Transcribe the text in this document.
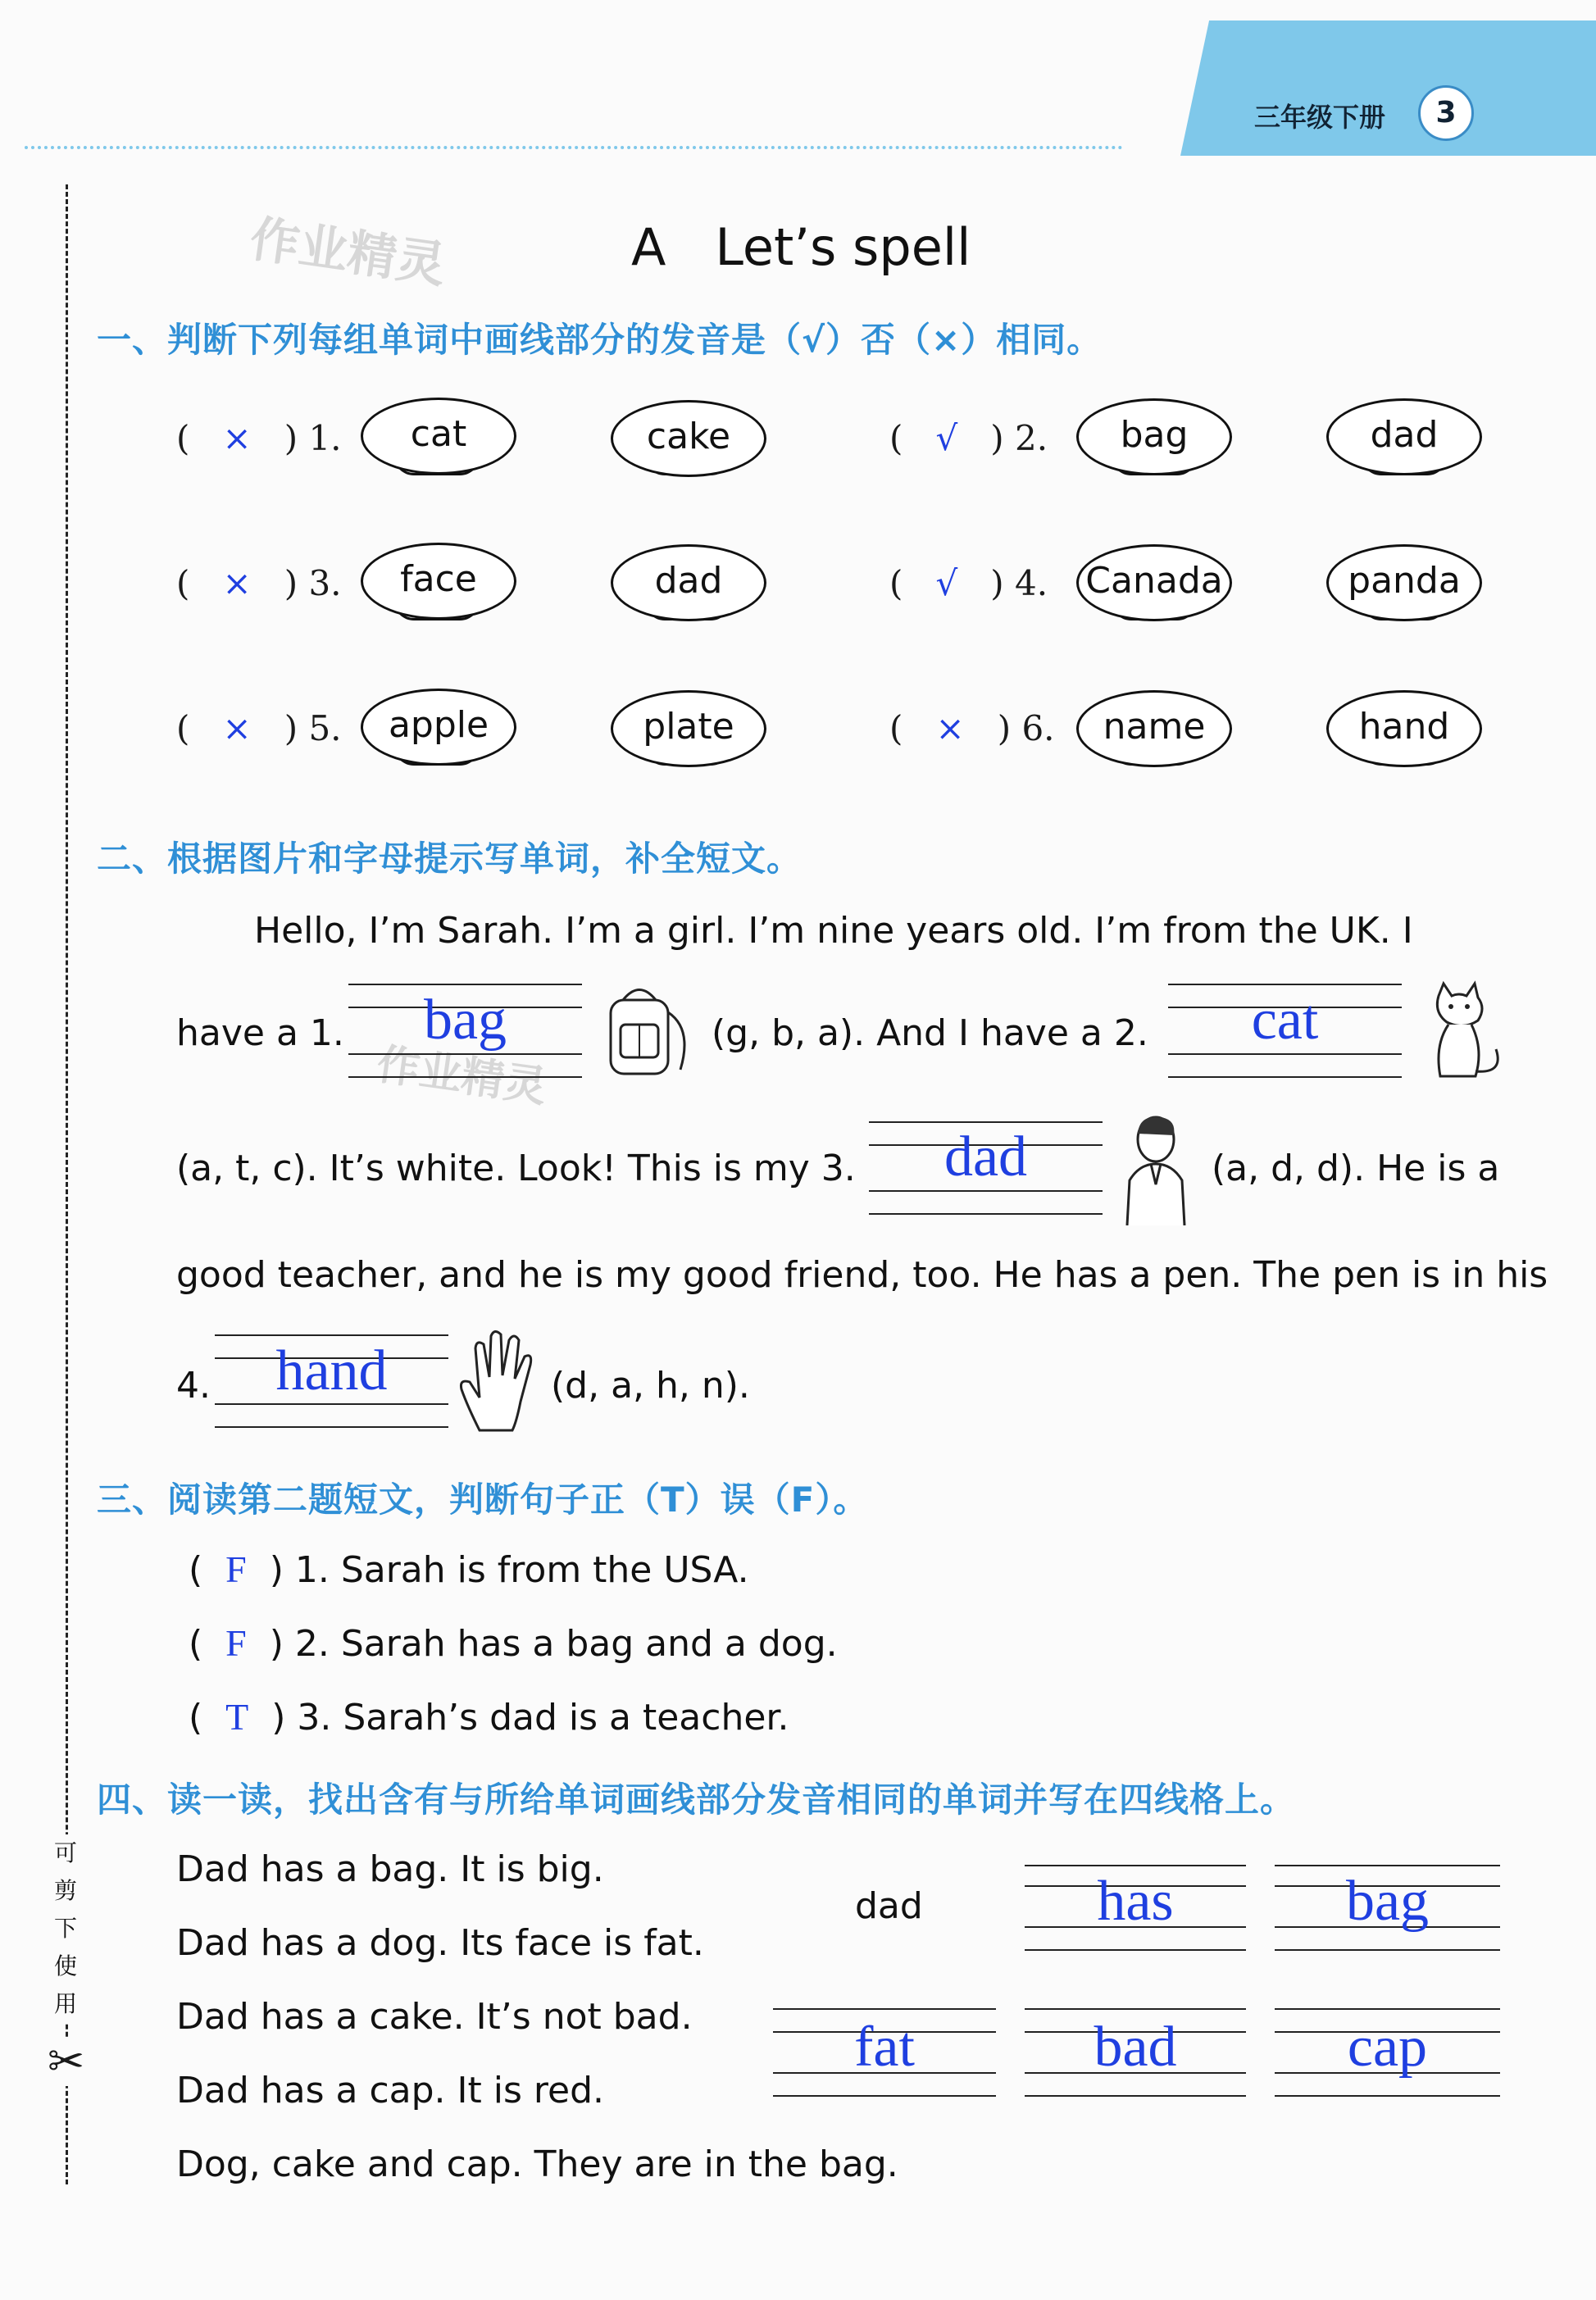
三年级下册	3
可
剪
下
使
用
✂
作业精灵
作业精灵
A Let’s spell
一、判断下列每组单词中画线部分的发音是（√）否（×）相同。
(   ×   ) 1.	cat	cake	(   √   ) 2.	bag	dad
(   ×   ) 3.	face	dad	(   √   ) 4. Canada	panda
(   ×   ) 5.	apple	plate	(   ×   ) 6.	name	hand
二、根据图片和字母提示写单词，补全短文。
Hello, I’m Sarah. I’m a girl. I’m nine years old. I’m from the UK. I
have a 1.	bag	(g, b, a). And I have a 2.	cat
(a, t, c). It’s white. Look! This is my 3.	dad	(a, d, d). He is a
good teacher, and he is my good friend, too. He has a pen. The pen is in his
4.	hand	(d, a, h, n).
三、阅读第二题短文，判断句子正（T）误（F）。
(  F  ) 1. Sarah is from the USA.
(  F  ) 2. Sarah has a bag and a dog.
(  T  ) 3. Sarah’s dad is a teacher.
四、读一读，找出含有与所给单词画线部分发音相同的单词并写在四线格上。
Dad has a bag. It is big.
Dad has a dog. Its face is fat.
Dad has a cake. It’s not bad.
Dad has a cap. It is red.
Dog, cake and cap. They are in the bag.
dad	has	bag
fat	bad	cap
